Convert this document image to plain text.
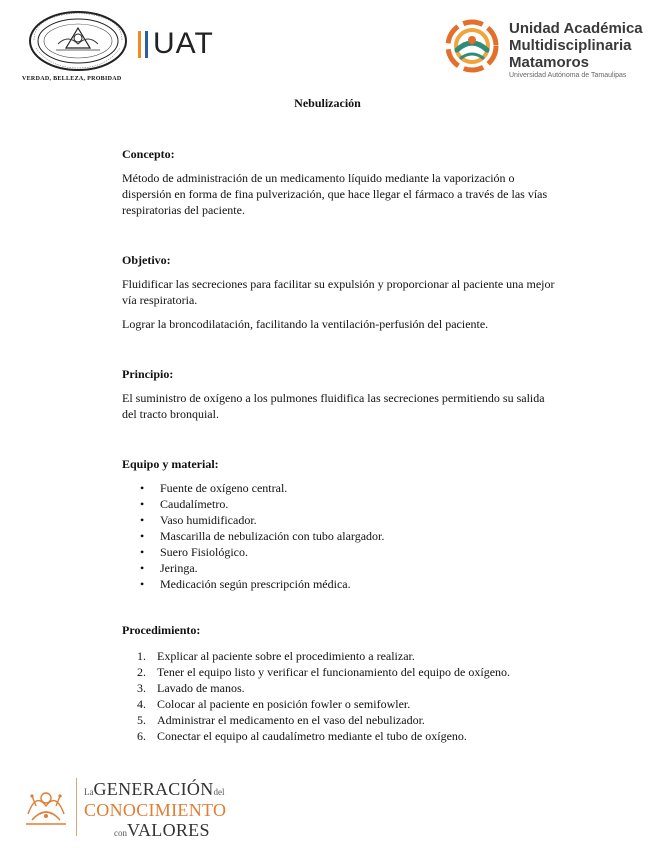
VERDAD, BELLEZA, PROBIDAD
UAT	Unidad Académica
Multidisciplinaria
Matamoros
Universidad Autónoma de Tamaulipas
Nebulización
Concepto:

Método de administración de un medicamento líquido mediante la vaporización o dispersión en forma de fina pulverización, que hace llegar el fármaco a través de las vías respiratorias del paciente.

Objetivo:

Fluidificar las secreciones para facilitar su expulsión y proporcionar al paciente una mejor vía respiratoria.

Lograr la broncodilatación, facilitando la ventilación-perfusión del paciente.

Principio:

El suministro de oxígeno a los pulmones fluidifica las secreciones permitiendo su salida del tracto bronquial.

Equipo y material:
• Fuente de oxígeno central.
• Caudalímetro.
• Vaso humidificador.
• Mascarilla de nebulización con tubo alargador.
• Suero Fisiológico.
• Jeringa.
• Medicación según prescripción médica.
Procedimiento:
1. Explicar al paciente sobre el procedimiento a realizar.
2. Tener el equipo listo y verificar el funcionamiento del equipo de oxígeno.
3. Lavado de manos.
4. Colocar al paciente en posición fowler o semifowler.
5. Administrar el medicamento en el vaso del nebulizador.
6. Conectar el equipo al caudalímetro mediante el tubo de oxígeno.
LaGENERACIÓNdel
CONOCIMIENTO
conVALORES
